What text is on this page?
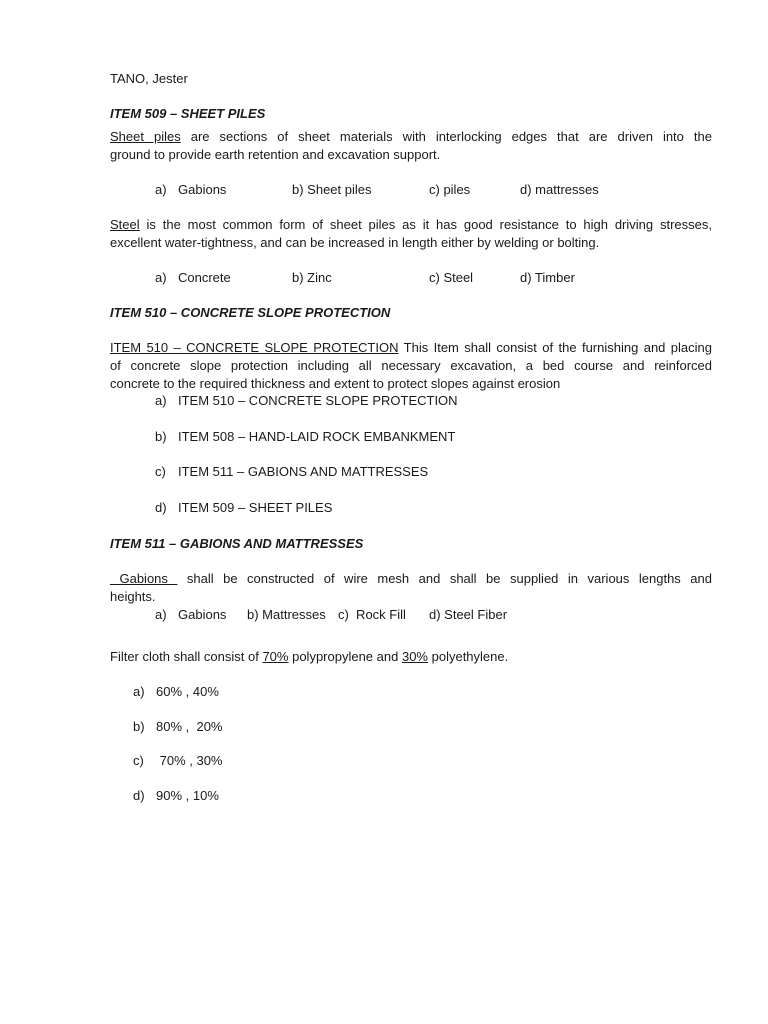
TANO, Jester
ITEM 509 – SHEET PILES
Sheet piles are sections of sheet materials with interlocking edges that are driven into the
ground to provide earth retention and excavation support.
a) Gabions	b) Sheet piles	c) piles	d) mattresses
Steel is the most common form of sheet piles as it has good resistance to high driving stresses,
excellent water-tightness, and can be increased in length either by welding or bolting.
a) Concrete	b) Zinc	c) Steel	d) Timber
ITEM 510 – CONCRETE SLOPE PROTECTION
ITEM 510 – CONCRETE SLOPE PROTECTION This Item shall consist of the furnishing and placing
of concrete slope protection including all necessary excavation, a bed course and reinforced
concrete to the required thickness and extent to protect slopes against erosion
a) ITEM 510 – CONCRETE SLOPE PROTECTION
b) ITEM 508 – HAND-LAID ROCK EMBANKMENT
c) ITEM 511 – GABIONS AND MATTRESSES
d) ITEM 509 – SHEET PILES
ITEM 511 – GABIONS AND MATTRESSES
Gabions  shall be constructed of wire mesh and shall be supplied in various lengths and
heights.
a) Gabions b) Mattresses c)  Rock Fill d) Steel Fiber
Filter cloth shall consist of 70% polypropylene and 30% polyethylene.
a) 60% , 40%
b) 80% ,  20%
c) 70% , 30%
d) 90% , 10%
